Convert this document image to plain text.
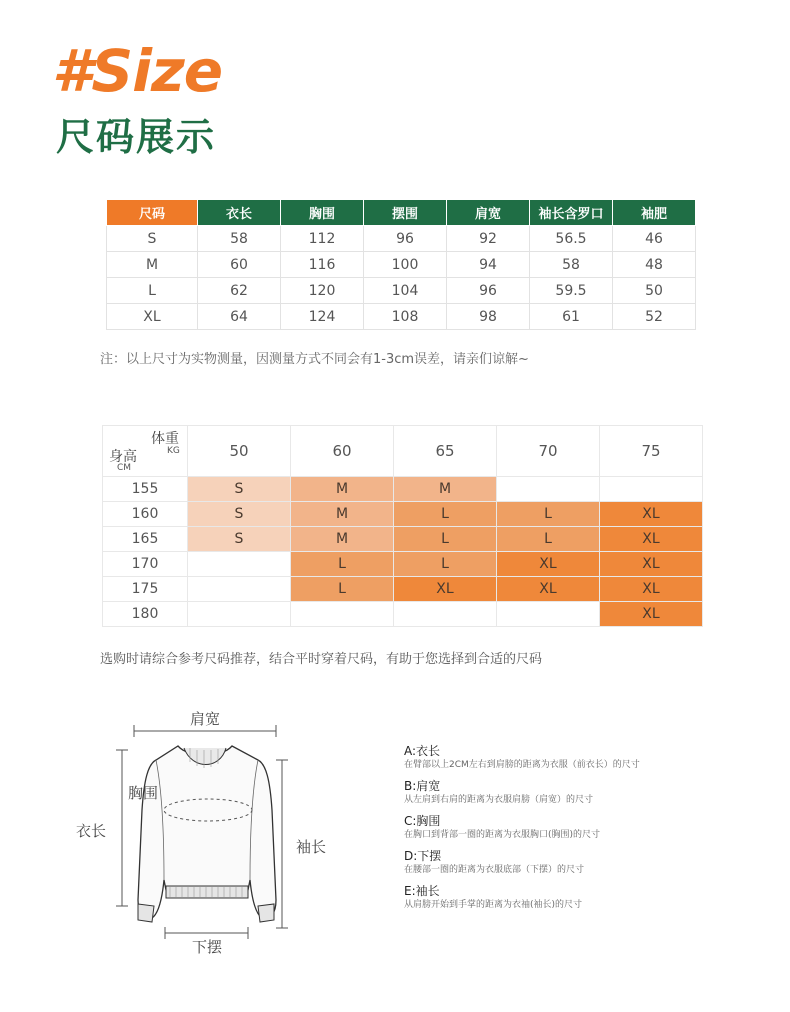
#Size
尺码展示
尺码	衣长	胸围	摆围	肩宽	袖长含罗口	袖肥
S	58	112	96	92	56.5	46
M	60	116	100	94	58	48
L	62	120	104	96	59.5	50
XL	64	124	108	98	61	52
注：以上尺寸为实物测量，因测量方式不同会有1-3cm误差，请亲们谅解~
体重
KG
身高
CM	50	60	65	70	75
155	S	M	M		
160	S	M	L	L	XL
165	S	M	L	L	XL
170		L	L	XL	XL
175		L	XL	XL	XL
180					XL
选购时请综合参考尺码推荐，结合平时穿着尺码，有助于您选择到合适的尺码
肩宽
胸围
衣长
袖长
下摆
A:衣长
在臂部以上2CM左右到肩膀的距离为衣服（前衣长）的尺寸
B:肩宽
从左肩到右肩的距离为衣服肩膀（肩宽）的尺寸
C:胸围
在胸口到背部一圈的距离为衣服胸口(胸围)的尺寸
D:下摆
在腰部一圈的距离为衣服底部（下摆）的尺寸
E:袖长
从肩膀开始到手掌的距离为衣袖(袖长)的尺寸
